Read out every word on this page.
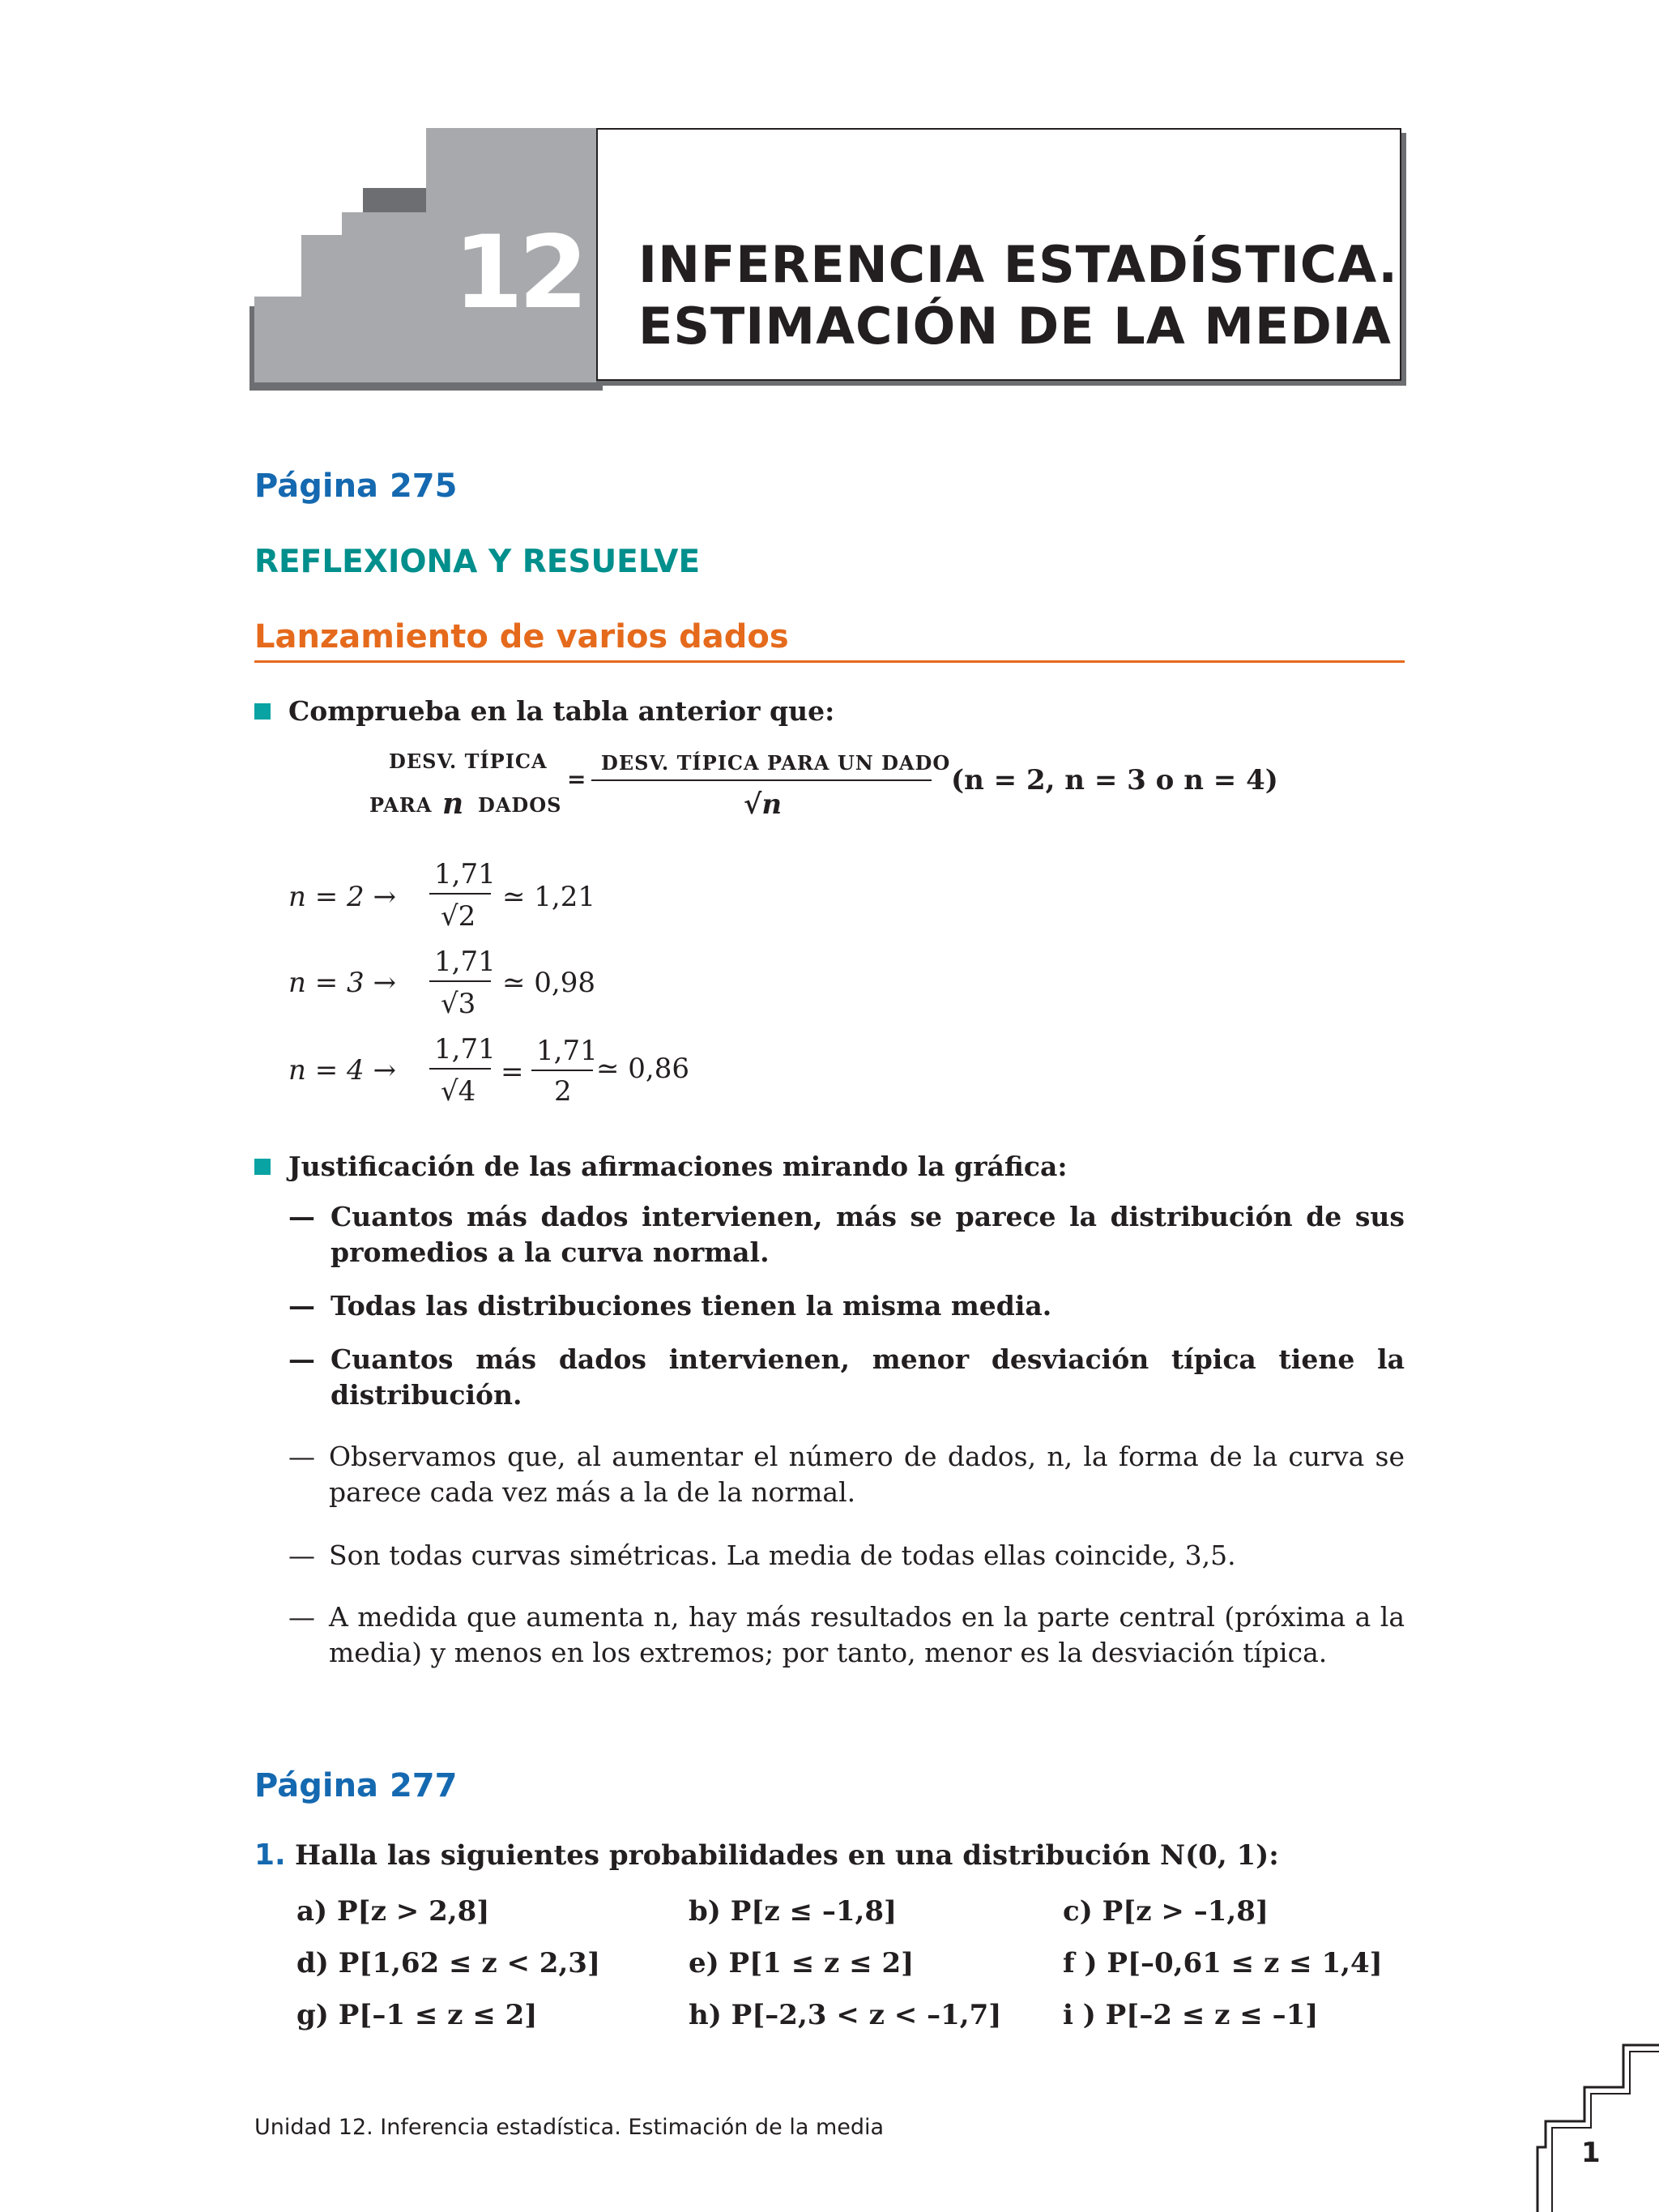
12	INFERENCIA ESTADÍSTICA.
ESTIMACIÓN DE LA MEDIA
Página 275
REFLEXIONA Y RESUELVE
Lanzamiento de varios dados
Comprueba en la tabla anterior que:
DESV. TÍPICA
PARA n DADOS
=
DESV. TÍPICA PARA UN DADO
√n
(n = 2, n = 3 o n = 4)
n = 2 →
1,71
√2
≃ 1,21
n = 3 →
1,71
√3
≃ 0,98
n = 4 →
1,71
√4
=
1,71
2
≃ 0,86
Justificación de las afirmaciones mirando la gráfica:
— Cuantos más dados intervienen, más se parece la distribución de sus promedios a la curva normal.
— Todas las distribuciones tienen la misma media.
— Cuantos más dados intervienen, menor desviación típica tiene la distribución.
— Observamos que, al aumentar el número de dados, n, la forma de la curva se parece cada vez más a la de la normal.
— Son todas curvas simétricas. La media de todas ellas coincide, 3,5.
— A medida que aumenta n, hay más resultados en la parte central (próxima a la media) y menos en los extremos; por tanto, menor es la desviación típica.
Página 277
1. Halla las siguientes probabilidades en una distribución N(0, 1):
a) P[z > 2,8]	b) P[z ≤ –1,8]	c) P[z > –1,8]
d) P[1,62 ≤ z < 2,3]	e) P[1 ≤ z ≤ 2]	f ) P[–0,61 ≤ z ≤ 1,4]
g) P[–1 ≤ z ≤ 2]	h) P[–2,3 < z < –1,7] i ) P[–2 ≤ z ≤ –1]
Unidad 12. Inferencia estadística. Estimación de la media
1
